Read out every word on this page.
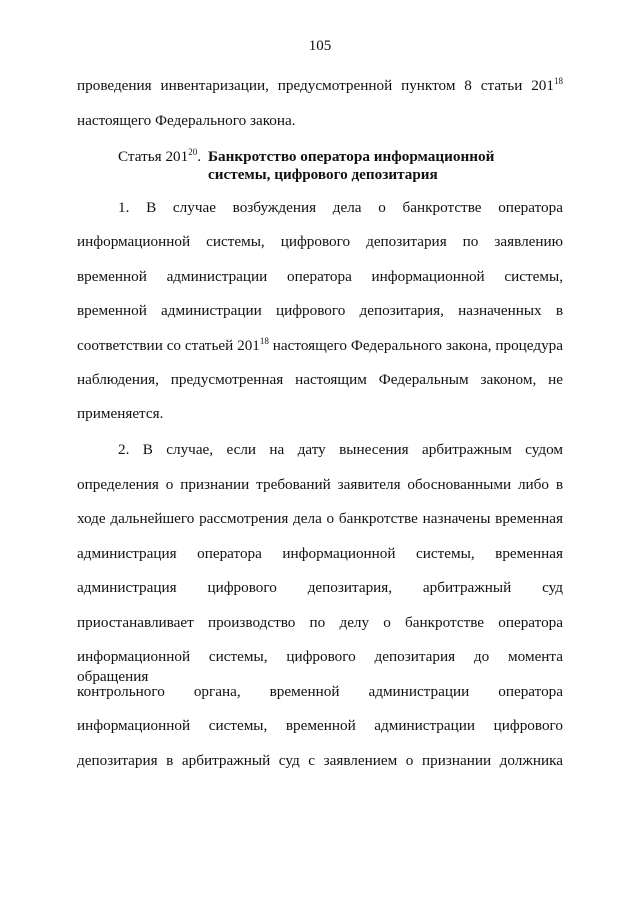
105
проведения инвентаризации, предусмотренной пунктом 8 статьи $201^{18}$
настоящего Федерального закона.
Статья $201^{20}$. Банкротство оператора информационной
системы, цифрового депозитария
1. В случае возбуждения дела о банкротстве оператора
информационной системы, цифрового депозитария по заявлению
временной администрации оператора информационной системы,
временной администрации цифрового депозитария, назначенных в
соответствии со статьей $201^{18}$ настоящего Федерального закона, процедура
наблюдения, предусмотренная настоящим Федеральным законом, не
применяется.
2. В случае, если на дату вынесения арбитражным судом
определения о признании требований заявителя обоснованными либо в
ходе дальнейшего рассмотрения дела о банкротстве назначены временная
администрация оператора информационной системы, временная
администрация цифрового депозитария, арбитражный суд
приостанавливает производство по делу о банкротстве оператора
информационной системы, цифрового депозитария до момента обращения
контрольного органа, временной администрации оператора
информационной системы, временной администрации цифрового
депозитария в арбитражный суд с заявлением о признании должника
